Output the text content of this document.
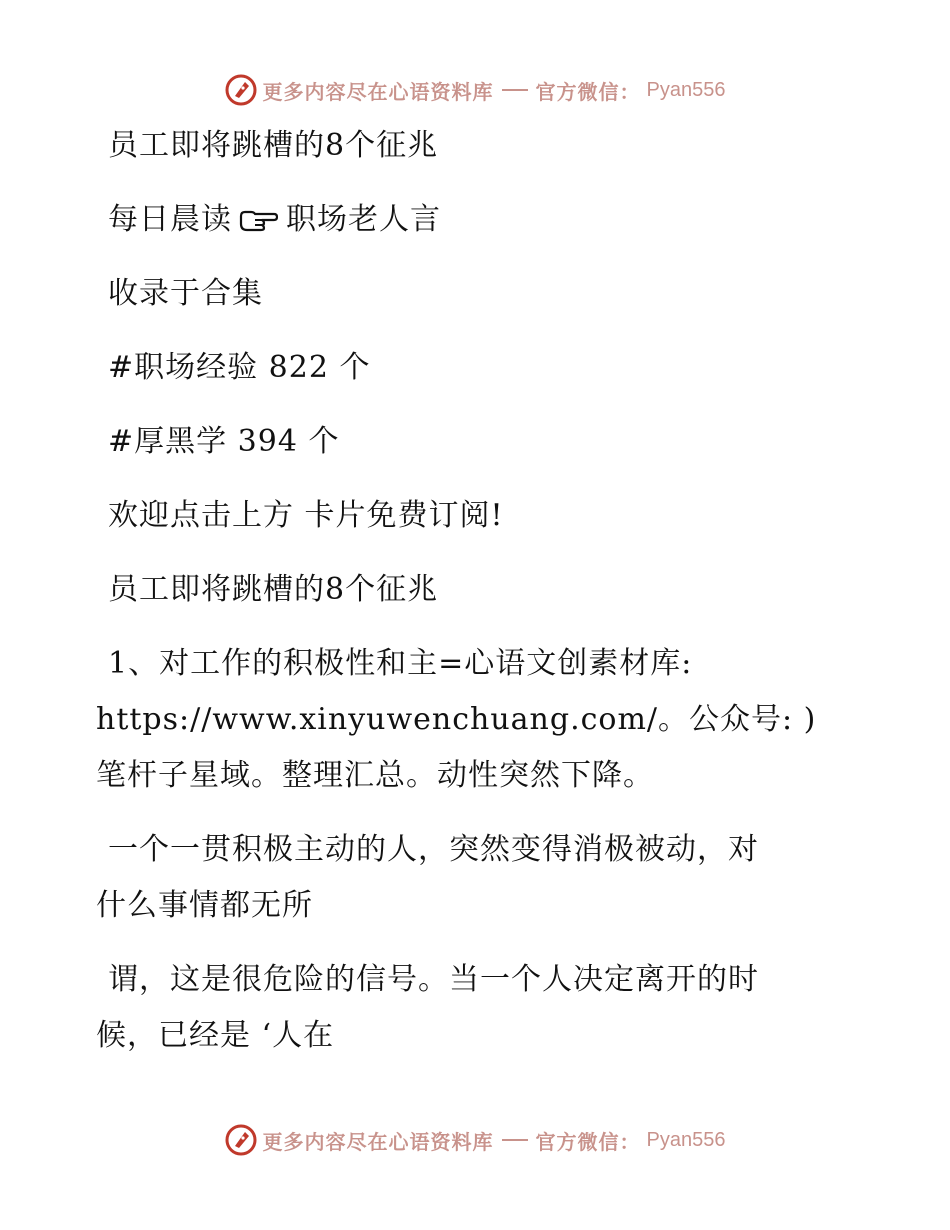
更多内容尽在心语资料库 官方微信： Pyan556

员工即将跳槽的8个征兆

每日晨读 职场老人言

收录于合集

#职场经验 822 个

#厚黑学 394 个

欢迎点击上方 卡片免费订阅!

员工即将跳槽的8个征兆

1、对工作的积极性和主=心语文创素材库:

https://www.xinyuwenchuang.com/。公众号: )

笔杆子星域。整理汇总。动性突然下降。

一个一贯积极主动的人，突然变得消极被动，对

什么事情都无所

谓，这是很危险的信号。当一个人决定离开的时

候，已经是 ‘人在

更多内容尽在心语资料库 官方微信： Pyan556
